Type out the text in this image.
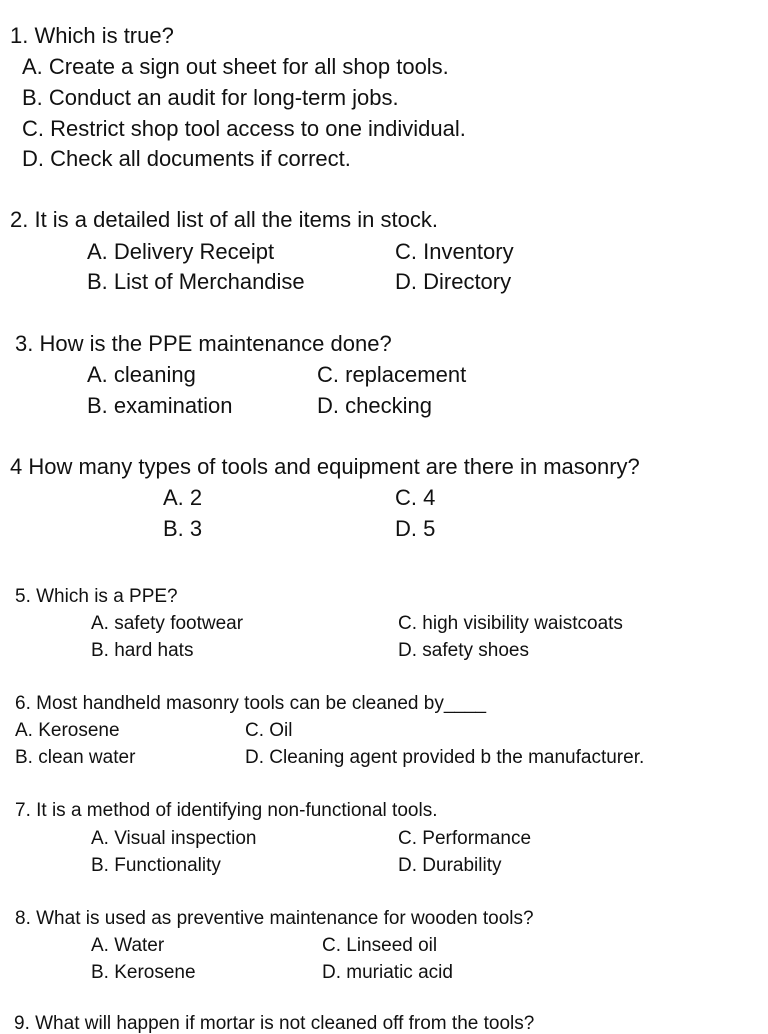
1. Which is true?
A. Create a sign out sheet for all shop tools.
B. Conduct an audit for long-term jobs.
C. Restrict shop tool access to one individual.
D. Check all documents if correct.
2. It is a detailed list of all the items in stock.
A. Delivery Receipt	C. Inventory
B. List of Merchandise	D. Directory
3. How is the PPE maintenance done?
A. cleaning	C. replacement
B. examination	D. checking
4 How many types of tools and equipment are there in masonry?
A. 2	C. 4
B. 3	D. 5
5. Which is a PPE?
A. safety footwear	C. high visibility waistcoats
B. hard hats	D. safety shoes
6. Most handheld masonry tools can be cleaned by____
A. Kerosene	C. Oil
B. clean water	D. Cleaning agent provided b the manufacturer.
7. It is a method of identifying non-functional tools.
A. Visual inspection	C. Performance
B. Functionality	D. Durability
8. What is used as preventive maintenance for wooden tools?
A. Water	C. Linseed oil
B. Kerosene	D. muriatic acid
9. What will happen if mortar is not cleaned off from the tools?
